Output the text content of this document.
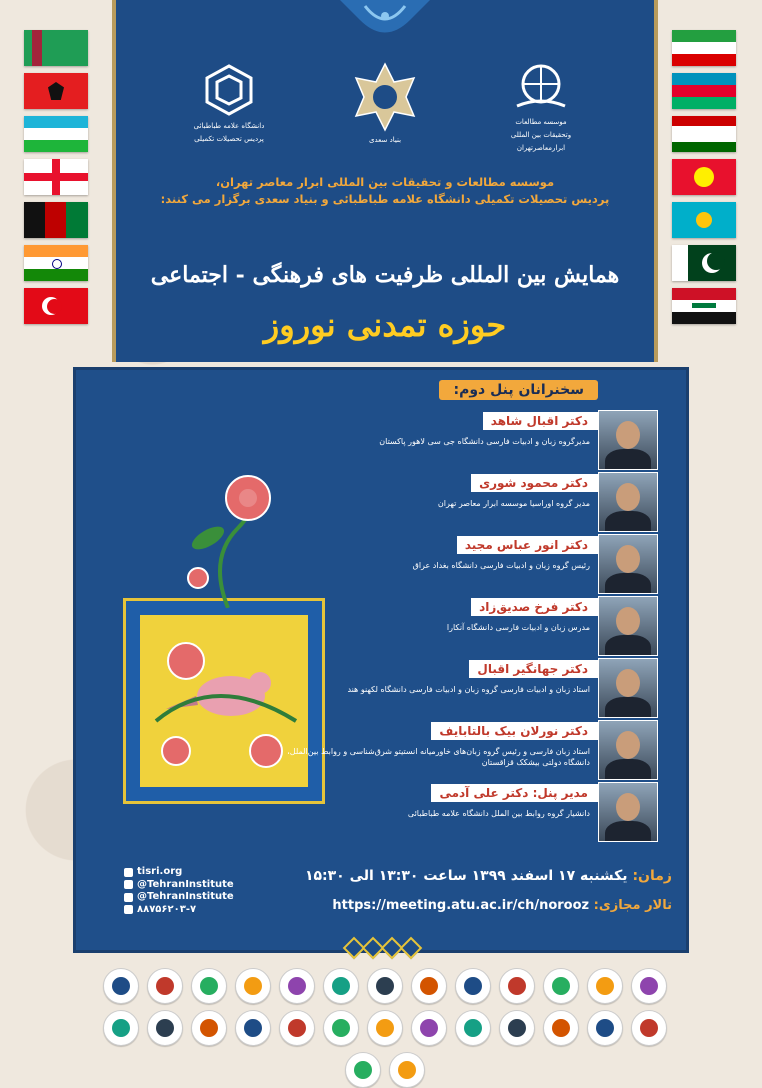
دانشگاه علامه طباطبائی
پردیس تحصیلات تکمیلی	بنیاد سعدی
موسسه مطالعات
وتحقیقات بین المللی
ابرارمعاصرتهران
موسسه مطالعات و تحقیقات بین المللی ابرار معاصر تهران،
پردیس تحصیلات تکمیلی دانشگاه علامه طباطبائی و بنیاد سعدی برگزار می کنند:
همایش بین المللی ظرفیت های فرهنگی - اجتماعی
حوزه تمدنی نوروز
سخنرانان پنل دوم:
دکتر اقبال شاهد
مدیرگروه زبان و ادبیات فارسی دانشگاه جی سی لاهور پاکستان
دکتر محمود شوری
مدیر گروه اوراسیا موسسه ابرار معاصر تهران
دکتر انور عباس مجید
رئیس گروه زبان و ادبیات فارسی دانشگاه بغداد عراق
دکتر فرخ صدیق‌زاد
مدرس زبان و ادبیات فارسی دانشگاه آنکارا
دکتر جهانگیر اقبال
استاد زبان و ادبیات فارسی گروه زبان و ادبیات فارسی دانشگاه لکهنو هند
دکتر نورلان بیک بالتابایف
استاد زبان فارسی و رئیس گروه زبان‌های خاورمیانه انستیتو شرق‌شناسی و روابط بین‌الملل، دانشگاه دولتی بیشکک قزاقستان
مدیر پنل: دکتر علی آدمی
دانشیار گروه روابط بین الملل دانشگاه علامه طباطبائی
زمان: یکشنبه ۱۷ اسفند ۱۳۹۹ ساعت ۱۳:۳۰ الی ۱۵:۳۰
تالار مجازی: https://meeting.atu.ac.ir/ch/norooz
tisri.org
@TehranInstitute
@TehranInstitute
۸۸۷۵۶۲۰۳-۷
